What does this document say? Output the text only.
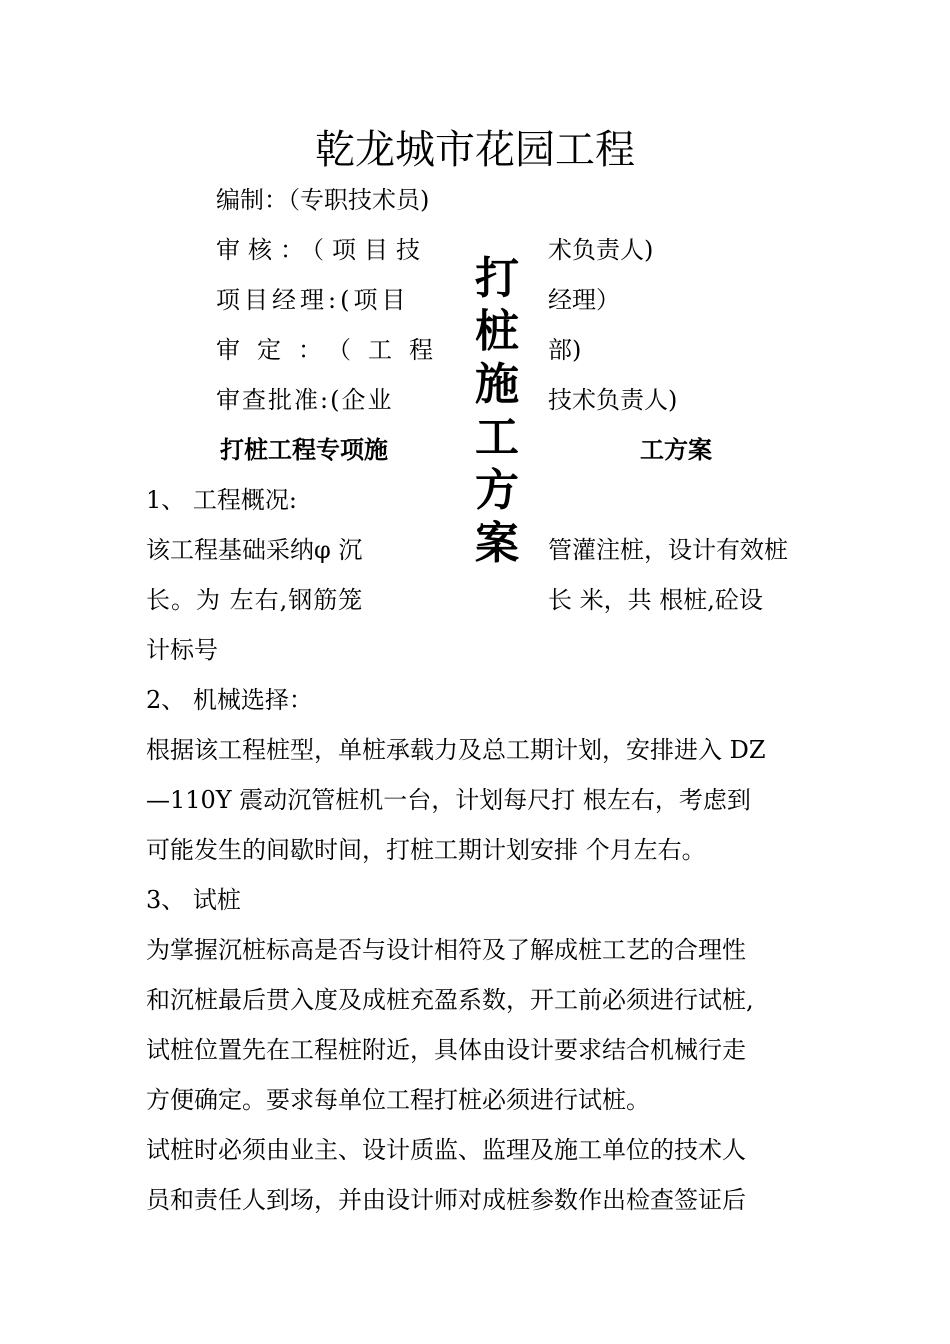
乾龙城市花园工程
编制：（专职技术员)
审核：（项目技	术负责人)
项目经理:(项目	经理）
审定：（工程	部)
审查批准:(企业	技术负责人)
打桩施工方案
打桩工程专项施	工方案
1、 工程概况:
该工程基础采纳φ 沉	管灌注桩，设计有效桩
长。为 左右,钢筋笼	长 米，共 根桩,砼设
计标号
2、 机械选择：
根据该工程桩型，单桩承载力及总工期计划，安排进入 DZ
—110Y 震动沉管桩机一台，计划每尺打 根左右，考虑到
可能发生的间歇时间，打桩工期计划安排 个月左右。
3、 试桩
为掌握沉桩标高是否与设计相符及了解成桩工艺的合理性
和沉桩最后贯入度及成桩充盈系数，开工前必须进行试桩,
试桩位置先在工程桩附近，具体由设计要求结合机械行走
方便确定。要求每单位工程打桩必须进行试桩。
试桩时必须由业主、设计质监、监理及施工单位的技术人
员和责任人到场，并由设计师对成桩参数作出检查签证后
